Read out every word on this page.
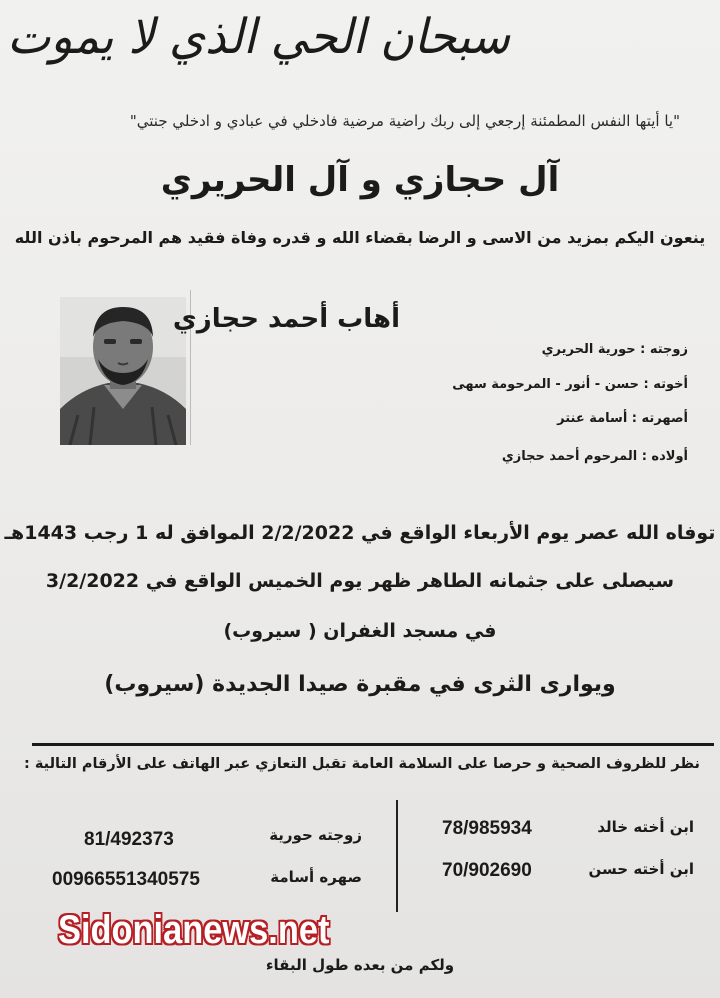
سبحان الحي الذي لا يموت
"يا أيتها النفس المطمئنة إرجعي إلى ربك راضية مرضية فادخلي في عبادي و ادخلي جنتي"
آل حجازي و آل الحريري
ينعون اليكم بمزيد من الاسى و الرضا بقضاء الله و قدره وفاة فقيد هم المرحوم باذن الله
أهاب أحمد حجازي
زوجته : حورية الحريري
أخوته : حسن - أنور - المرحومة سهى
أصهرته : أسامة عنتر
أولاده : المرحوم أحمد حجازي
توفاه الله عصر يوم الأربعاء الواقع في 2/2/2022 الموافق له 1 رجب 1443هـ
سيصلى على جثمانه الطاهر ظهر يوم الخميس الواقع في 3/2/2022
في مسجد الغفران ( سيروب)
ويوارى الثرى في مقبرة صيدا الجديدة (سيروب)
نظر للظروف الصحية و حرصا على السلامة العامة تقبل التعازي عبر الهاتف على الأرقام التالية :
ابن أخته خالد
78/985934
ابن أخته حسن
70/902690
زوجته حورية
81/492373
صهره أسامة
00966551340575
Sidonianews.net
ولكم من بعده طول البقاء
